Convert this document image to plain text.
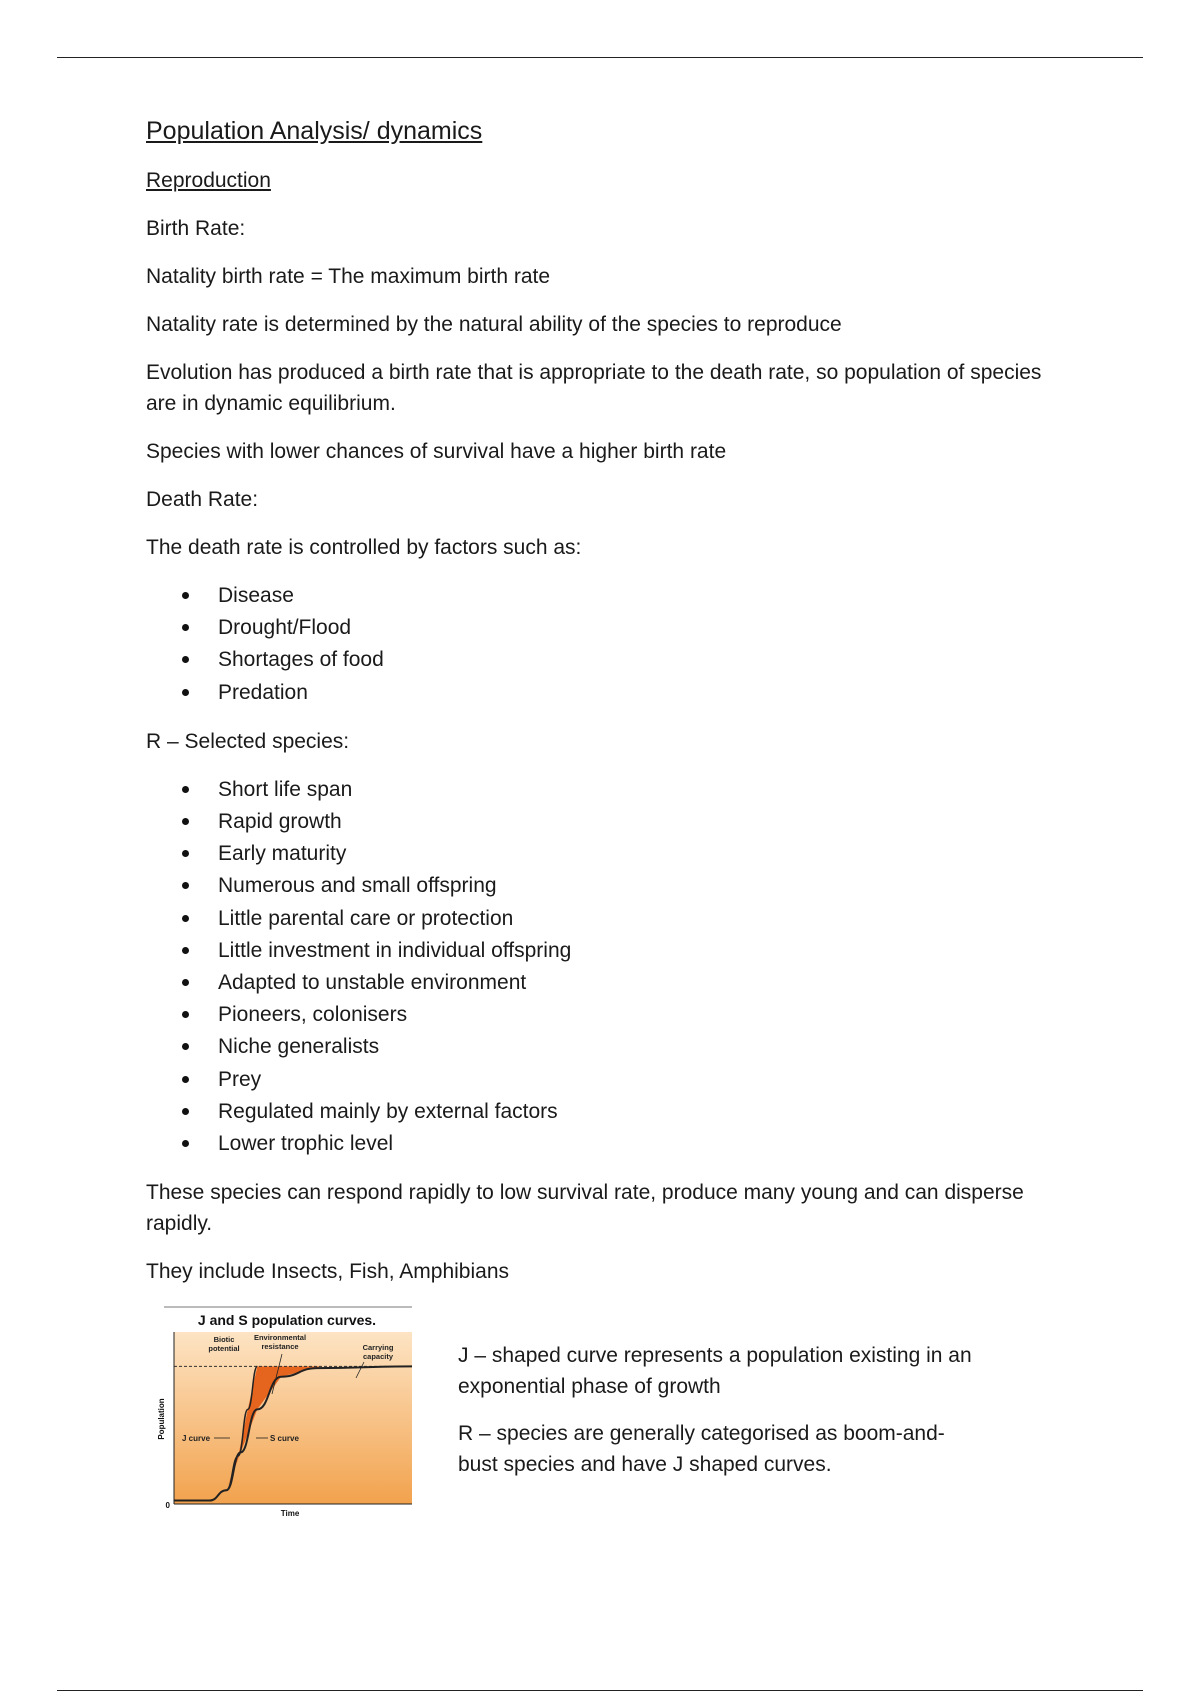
Population Analysis/ dynamics

Reproduction

Birth Rate:

Natality birth rate = The maximum birth rate

Natality rate is determined by the natural ability of the species to reproduce

Evolution has produced a birth rate that is appropriate to the death rate, so population of species are in dynamic equilibrium.

Species with lower chances of survival have a higher birth rate

Death Rate:

The death rate is controlled by factors such as:

Disease
Drought/Flood
Shortages of food
Predation

R – Selected species:

Short life span
Rapid growth
Early maturity
Numerous and small offspring
Little parental care or protection
Little investment in individual offspring
Adapted to unstable environment
Pioneers, colonisers
Niche generalists
Prey
Regulated mainly by external factors
Lower trophic level

These species can respond rapidly to low survival rate, produce many young and can disperse rapidly.

They include Insects, Fish, Amphibians

J and S population curves.
0
Time
Population
Biotic potential
Environmental resistance	Carrying capacity
J curve	S curve

J – shaped curve represents a population existing in an exponential phase of growth

R – species are generally categorised as boom-and-bust species and have J shaped curves.
